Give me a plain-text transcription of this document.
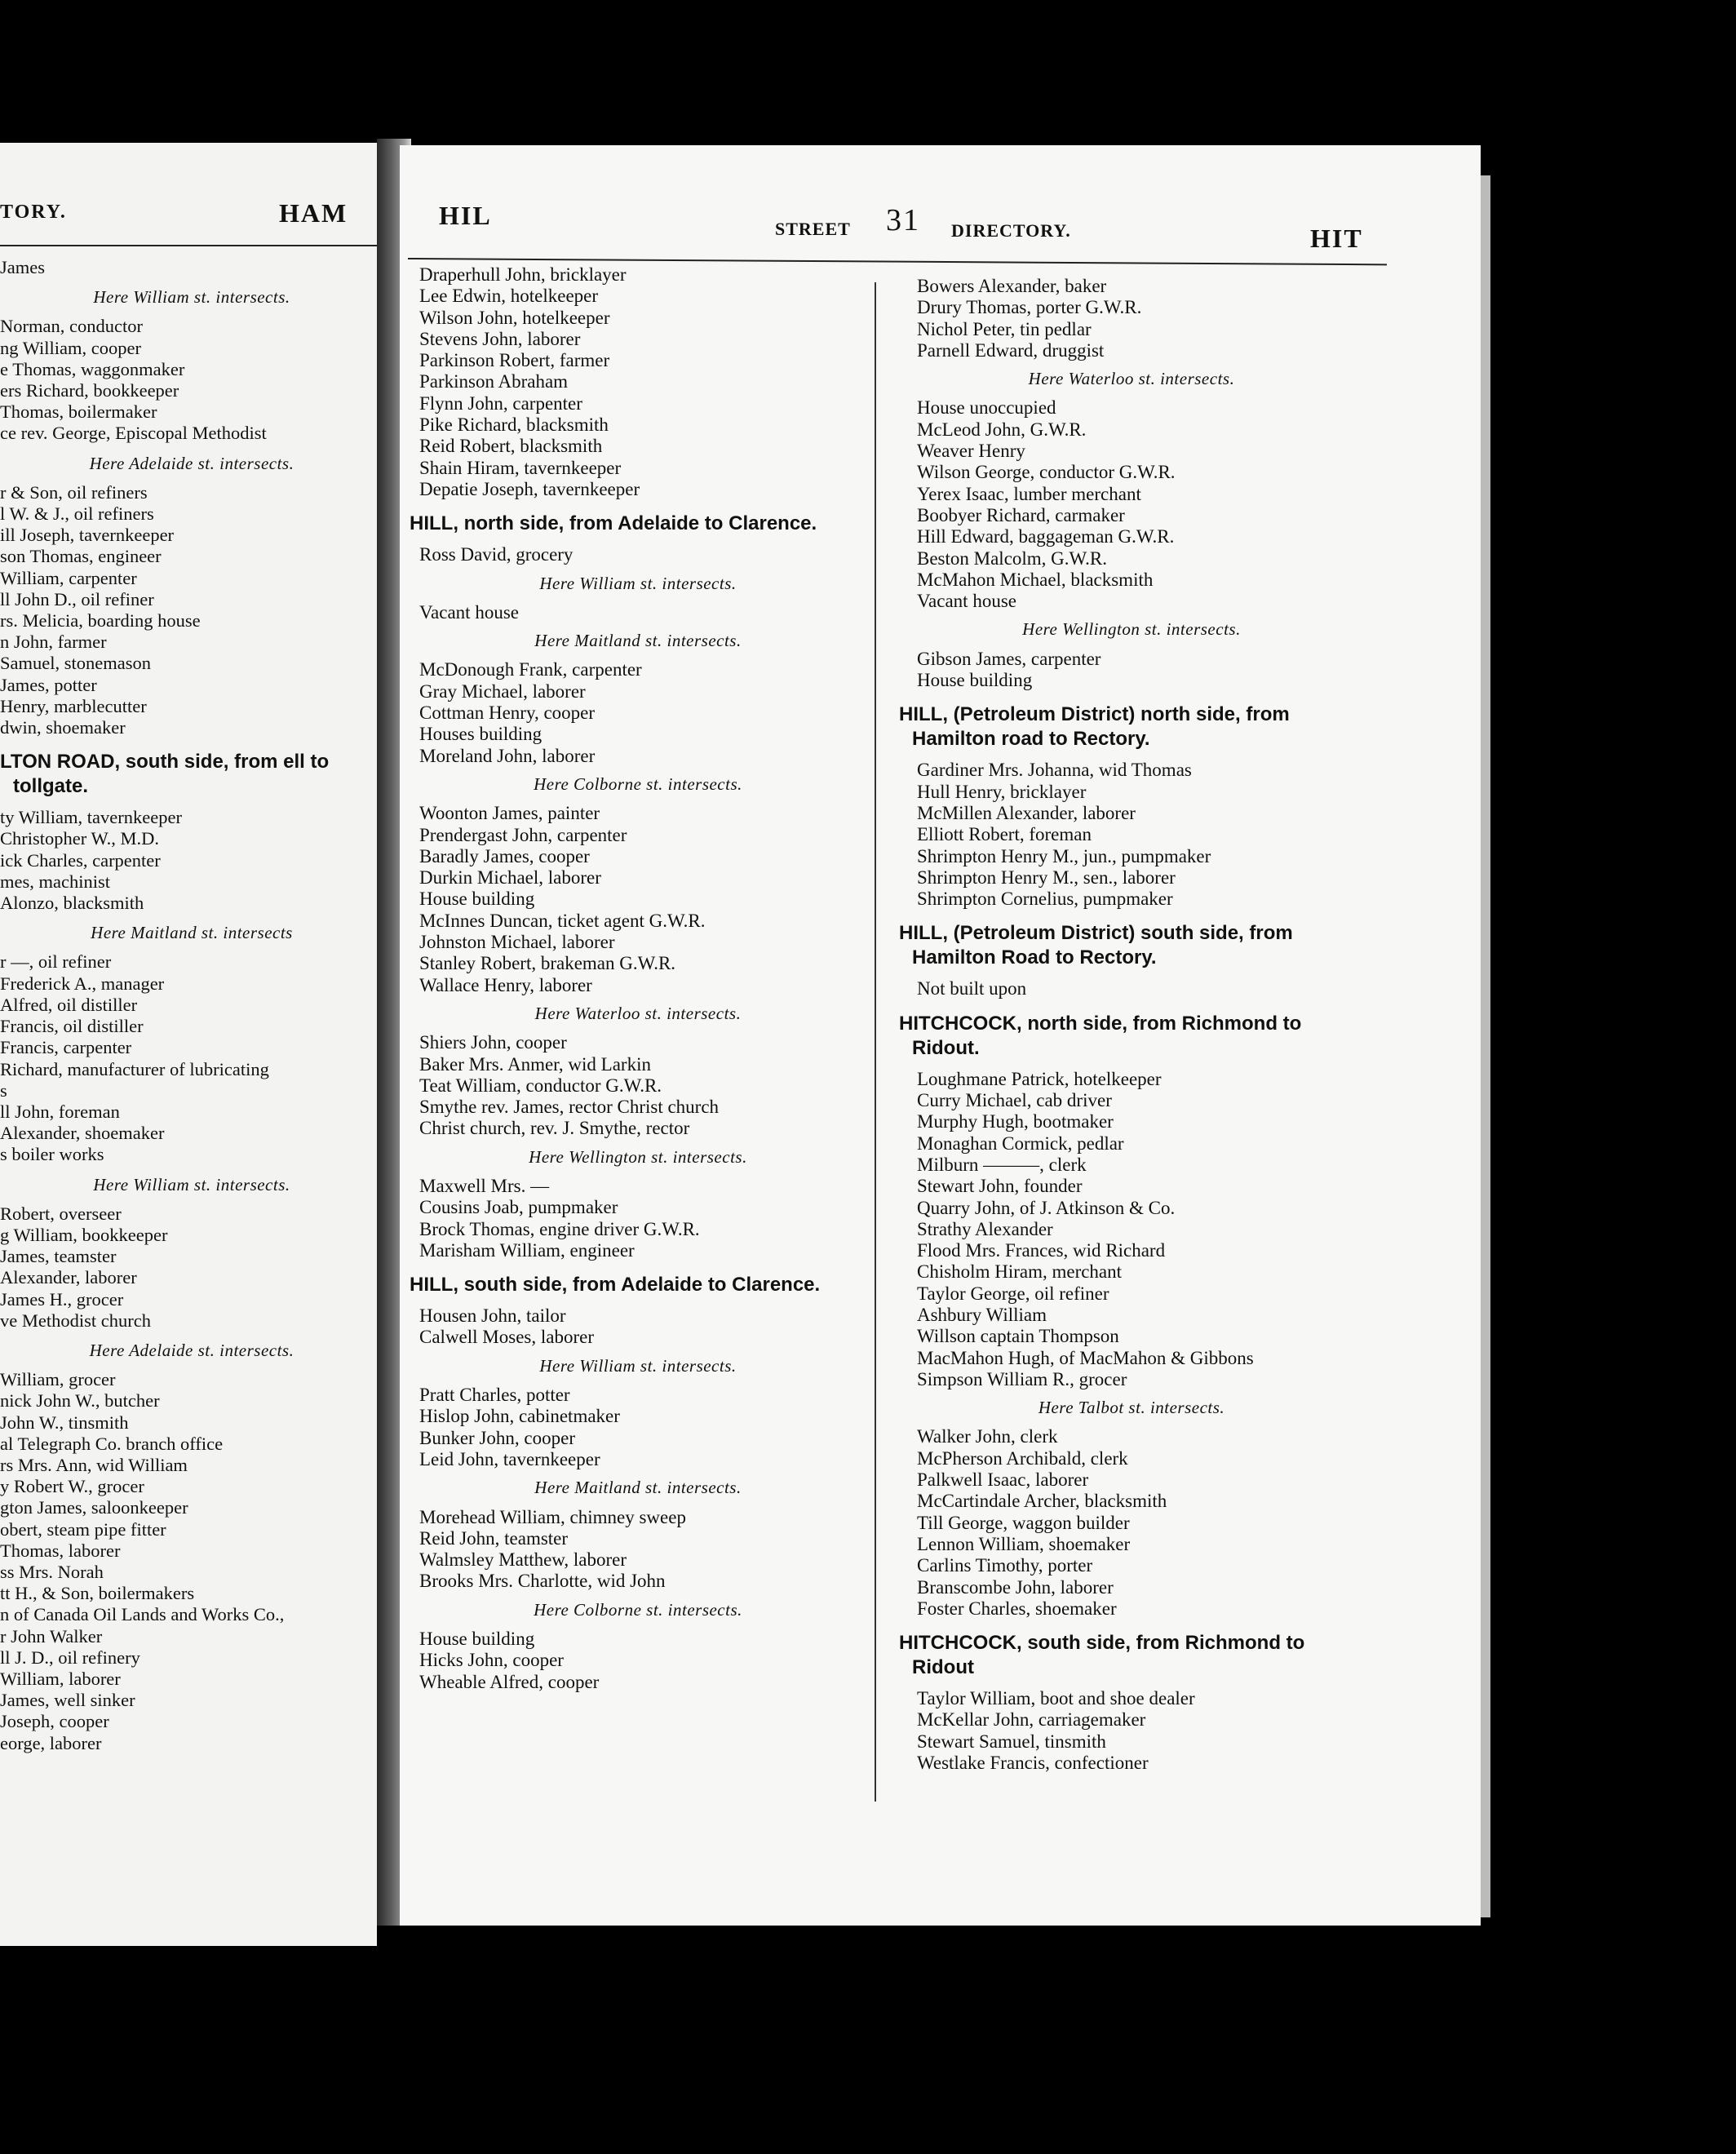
TORY.	HAM
James
Here William st. intersects.
Norman, conductor
ng William, cooper
e Thomas, waggonmaker
ers Richard, bookkeeper
Thomas, boilermaker
ce rev. George, Episcopal Methodist
Here Adelaide st. intersects.
r & Son, oil refiners
l W. & J., oil refiners
ill Joseph, tavernkeeper
son Thomas, engineer
William, carpenter
ll John D., oil refiner
rs. Melicia, boarding house
n John, farmer
Samuel, stonemason
James, potter
Henry, marblecutter
dwin, shoemaker
LTON ROAD, south side, from ell to tollgate.
ty William, tavernkeeper
Christopher W., M.D.
ick Charles, carpenter
mes, machinist
Alonzo, blacksmith
Here Maitland st. intersects
r —, oil refiner
Frederick A., manager
Alfred, oil distiller
Francis, oil distiller
Francis, carpenter
Richard, manufacturer of lubricating
s
ll John, foreman
Alexander, shoemaker
s boiler works
Here William st. intersects.
Robert, overseer
g William, bookkeeper
James, teamster
Alexander, laborer
James H., grocer
ve Methodist church
Here Adelaide st. intersects.
William, grocer
nick John W., butcher
John W., tinsmith
al Telegraph Co. branch office
rs Mrs. Ann, wid William
y Robert W., grocer
gton James, saloonkeeper
obert, steam pipe fitter
Thomas, laborer
ss Mrs. Norah
tt H., & Son, boilermakers
n of Canada Oil Lands and Works Co.,
r John Walker
ll J. D., oil refinery
William, laborer
James, well sinker
Joseph, cooper
eorge, laborer
HIL	STREET 31 DIRECTORY.	HIT
Draperhull John, bricklayer
Lee Edwin, hotelkeeper
Wilson John, hotelkeeper
Stevens John, laborer
Parkinson Robert, farmer
Parkinson Abraham
Flynn John, carpenter
Pike Richard, blacksmith
Reid Robert, blacksmith
Shain Hiram, tavernkeeper
Depatie Joseph, tavernkeeper
HILL, north side, from Adelaide to Clarence.
Ross David, grocery
Here William st. intersects.
Vacant house
Here Maitland st. intersects.
McDonough Frank, carpenter
Gray Michael, laborer
Cottman Henry, cooper
Houses building
Moreland John, laborer
Here Colborne st. intersects.
Woonton James, painter
Prendergast John, carpenter
Baradly James, cooper
Durkin Michael, laborer
House building
McInnes Duncan, ticket agent G.W.R.
Johnston Michael, laborer
Stanley Robert, brakeman G.W.R.
Wallace Henry, laborer
Here Waterloo st. intersects.
Shiers John, cooper
Baker Mrs. Anmer, wid Larkin
Teat William, conductor G.W.R.
Smythe rev. James, rector Christ church
Christ church, rev. J. Smythe, rector
Here Wellington st. intersects.
Maxwell Mrs. —
Cousins Joab, pumpmaker
Brock Thomas, engine driver G.W.R.
Marisham William, engineer
HILL, south side, from Adelaide to Clarence.
Housen John, tailor
Calwell Moses, laborer
Here William st. intersects.
Pratt Charles, potter
Hislop John, cabinetmaker
Bunker John, cooper
Leid John, tavernkeeper
Here Maitland st. intersects.
Morehead William, chimney sweep
Reid John, teamster
Walmsley Matthew, laborer
Brooks Mrs. Charlotte, wid John
Here Colborne st. intersects.
House building
Hicks John, cooper
Wheable Alfred, cooper
Bowers Alexander, baker
Drury Thomas, porter G.W.R.
Nichol Peter, tin pedlar
Parnell Edward, druggist
Here Waterloo st. intersects.
House unoccupied
McLeod John, G.W.R.
Weaver Henry
Wilson George, conductor G.W.R.
Yerex Isaac, lumber merchant
Boobyer Richard, carmaker
Hill Edward, baggageman G.W.R.
Beston Malcolm, G.W.R.
McMahon Michael, blacksmith
Vacant house
Here Wellington st. intersects.
Gibson James, carpenter
House building
HILL, (Petroleum District) north side, from Hamilton road to Rectory.
Gardiner Mrs. Johanna, wid Thomas
Hull Henry, bricklayer
McMillen Alexander, laborer
Elliott Robert, foreman
Shrimpton Henry M., jun., pumpmaker
Shrimpton Henry M., sen., laborer
Shrimpton Cornelius, pumpmaker
HILL, (Petroleum District) south side, from Hamilton Road to Rectory.
Not built upon
HITCHCOCK, north side, from Richmond to Ridout.
Loughmane Patrick, hotelkeeper
Curry Michael, cab driver
Murphy Hugh, bootmaker
Monaghan Cormick, pedlar
Milburn ———, clerk
Stewart John, founder
Quarry John, of J. Atkinson & Co.
Strathy Alexander
Flood Mrs. Frances, wid Richard
Chisholm Hiram, merchant
Taylor George, oil refiner
Ashbury William
Willson captain Thompson
MacMahon Hugh, of MacMahon & Gibbons
Simpson William R., grocer
Here Talbot st. intersects.
Walker John, clerk
McPherson Archibald, clerk
Palkwell Isaac, laborer
McCartindale Archer, blacksmith
Till George, waggon builder
Lennon William, shoemaker
Carlins Timothy, porter
Branscombe John, laborer
Foster Charles, shoemaker
HITCHCOCK, south side, from Richmond to Ridout
Taylor William, boot and shoe dealer
McKellar John, carriagemaker
Stewart Samuel, tinsmith
Westlake Francis, confectioner
